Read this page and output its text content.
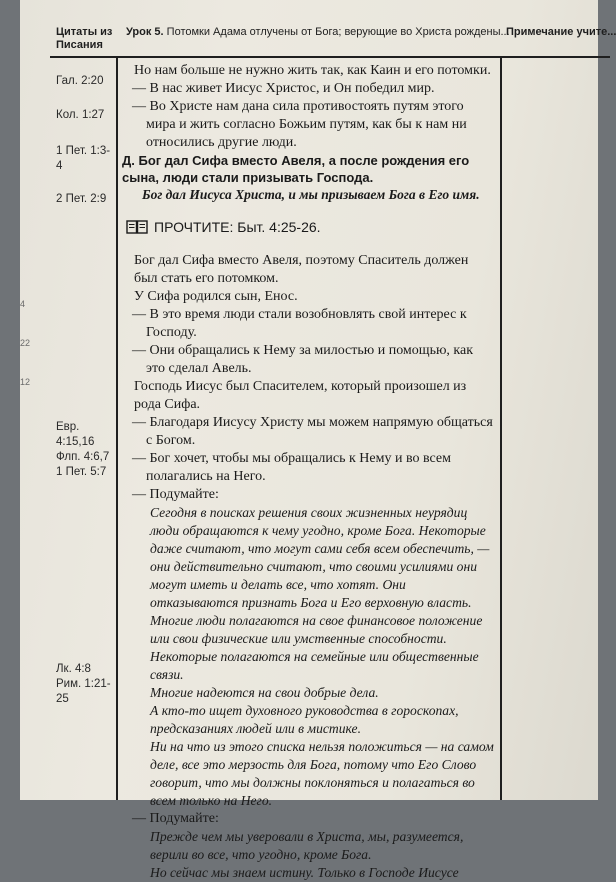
4
22
12
Цитаты из Писания
Урок 5. Потомки Адама отлучены от Бога; верующие во Христа рождены...
Примечание учите...
Гал. 2:20
Кол. 1:27
1 Пет. 1:3-4
2 Пет. 2:9
Евр. 4:15,16
Флп. 4:6,7
1 Пет. 5:7
Лк. 4:8
Рим. 1:21-25

Но нам больше не нужно жить так, как Каин и его потомки.

— В нас живет Иисус Христос, и Он победил мир.

— Во Христе нам дана сила противостоять путям этого мира и жить согласно Божьим путям, как бы к нам ни относились другие люди.

Д. Бог дал Сифа вместо Авеля, а после рождения его сына, люди стали призывать Господа.

Бог дал Иисуса Христа, и мы призываем Бога в Его имя.

ПРОЧТИТЕ: Быт. 4:25-26.

Бог дал Сифа вместо Авеля, поэтому Спаситель должен был стать его потомком.

У Сифа родился сын, Енос.

— В это время люди стали возобновлять свой интерес к Господу.

— Они обращались к Нему за милостью и помощью, как это сделал Авель.

Господь Иисус был Спасителем, который произошел из рода Сифа.

— Благодаря Иисусу Христу мы можем напрямую общаться с Богом.

— Бог хочет, чтобы мы обращались к Нему и во всем полагались на Него.

— Подумайте:

Сегодня в поисках решения своих жизненных неурядиц люди обращаются к чему угодно, кроме Бога. Некоторые даже считают, что могут сами себя всем обеспечить, — они действительно считают, что своими усилиями они могут иметь и делать все, что хотят. Они отказываются признать Бога и Его верховную власть.

Многие люди полагаются на свое финансовое положение или свои физические или умственные способности.

Некоторые полагаются на семейные или общественные связи.

Многие надеются на свои добрые дела.

А кто-то ищет духовного руководства в гороскопах, предсказаниях людей или в мистике.

Ни на что из этого списка нельзя положиться — на самом деле, все это мерзость для Бога, потому что Его Слово говорит, что мы должны поклоняться и полагаться во всем только на Него.

— Подумайте:

Прежде чем мы уверовали в Христа, мы, разумеется, верили во все, что угодно, кроме Бога.

Но сейчас мы знаем истину. Только в Господе Иисусе
